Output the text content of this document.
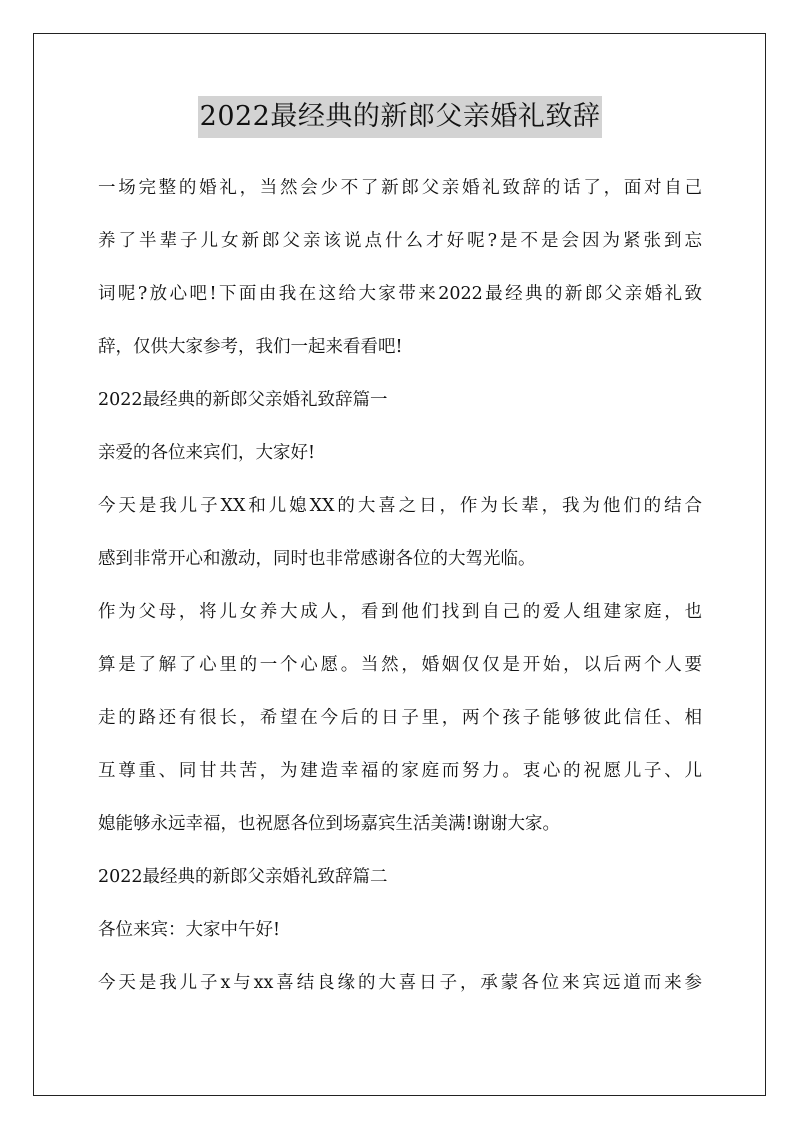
2022最经典的新郎父亲婚礼致辞
一场完整的婚礼，当然会少不了新郎父亲婚礼致辞的话了，面对自己
养了半辈子儿女新郎父亲该说点什么才好呢?是不是会因为紧张到忘
词呢?放心吧!下面由我在这给大家带来2022最经典的新郎父亲婚礼致
辞，仅供大家参考，我们一起来看看吧!
2022最经典的新郎父亲婚礼致辞篇一
亲爱的各位来宾们，大家好!
今天是我儿子XX和儿媳XX的大喜之日，作为长辈，我为他们的结合
感到非常开心和激动，同时也非常感谢各位的大驾光临。
作为父母，将儿女养大成人，看到他们找到自己的爱人组建家庭，也
算是了解了心里的一个心愿。当然，婚姻仅仅是开始，以后两个人要
走的路还有很长，希望在今后的日子里，两个孩子能够彼此信任、相
互尊重、同甘共苦，为建造幸福的家庭而努力。衷心的祝愿儿子、儿
媳能够永远幸福，也祝愿各位到场嘉宾生活美满!谢谢大家。
2022最经典的新郎父亲婚礼致辞篇二
各位来宾：大家中午好!
今天是我儿子x与xx喜结良缘的大喜日子，承蒙各位来宾远道而来参
